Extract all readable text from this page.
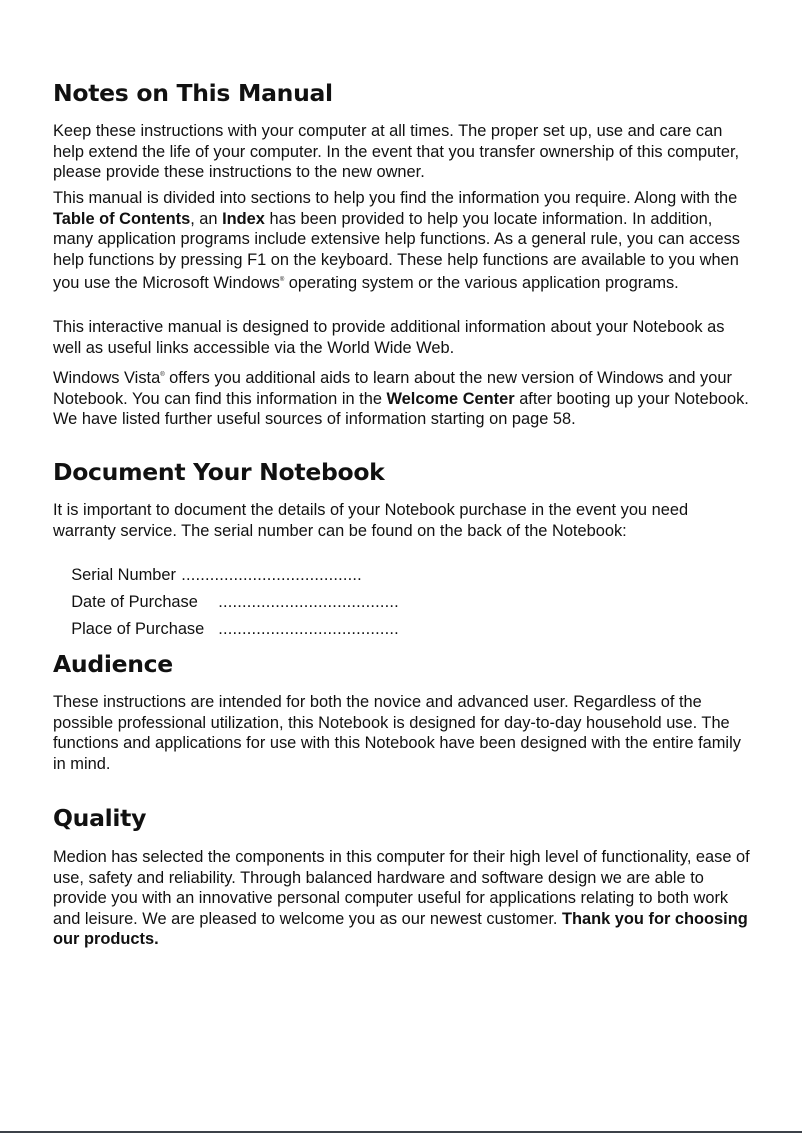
Notes on This Manual

Keep these instructions with your computer at all times. The proper set up, use and care can help extend the life of your computer. In the event that you transfer ownership of this computer, please provide these instructions to the new owner.

This manual is divided into sections to help you find the information you require. Along with the Table of Contents, an Index has been provided to help you locate information. In addition, many application programs include extensive help functions. As a general rule, you can access help functions by pressing F1 on the keyboard. These help functions are available to you when you use the Microsoft Windows® operating system or the various application programs.

This interactive manual is designed to provide additional information about your Notebook as well as useful links accessible via the World Wide Web.

Windows Vista® offers you additional aids to learn about the new version of Windows and your Notebook. You can find this information in the Welcome Center after booting up your Notebook. We have listed further useful sources of information starting on page 58.

Document Your Notebook

It is important to document the details of your Notebook purchase in the event you need warranty service. The serial number can be found on the back of the Notebook:

Serial Number ......................................

Date of Purchase ......................................

Place of Purchase ......................................

Audience

These instructions are intended for both the novice and advanced user. Regardless of the possible professional utilization, this Notebook is designed for day-to-day household use. The functions and applications for use with this Notebook have been designed with the entire family in mind.

Quality

Medion has selected the components in this computer for their high level of functionality, ease of use, safety and reliability. Through balanced hardware and software design we are able to provide you with an innovative personal computer useful for applications relating to both work and leisure. We are pleased to welcome you as our newest customer. Thank you for choosing our products.
